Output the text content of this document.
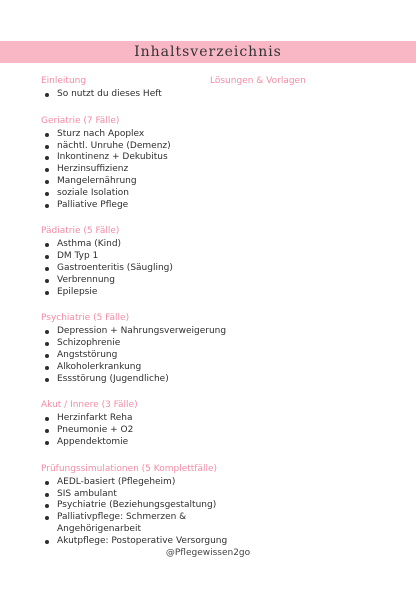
Inhaltsverzeichnis
Einleitung
So nutzt du dieses Heft
Geriatrie (7 Fälle)
Sturz nach Apoplex
nächtl. Unruhe (Demenz)
Inkontinenz + Dekubitus
Herzinsuffizienz
Mangelernährung
soziale Isolation
Palliative Pflege
Pädiatrie (5 Fälle)
Asthma (Kind)
DM Typ 1
Gastroenteritis (Säugling)
Verbrennung
Epilepsie
Psychiatrie (5 Fälle)
Depression + Nahrungsverweigerung
Schizophrenie
Angststörung
Alkoholerkrankung
Essstörung (Jugendliche)
Akut / Innere (3 Fälle)
Herzinfarkt Reha
Pneumonie + O2
Appendektomie
Prüfungssimulationen (5 Komplettfälle)
AEDL-basiert (Pflegeheim)
SIS ambulant
Psychiatrie (Beziehungsgestaltung)
Palliativpflege: Schmerzen & Angehörigenarbeit
Akutpflege: Postoperative Versorgung
Lösungen & Vorlagen
@Pflegewissen2go
